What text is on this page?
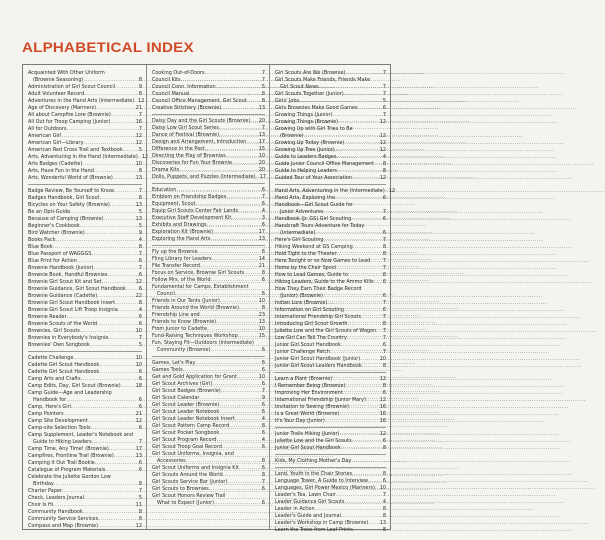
ALPHABETICAL INDEX
Acquainted With Other Uniform
(Brownie Seasoning) .....	8
Administration of Girl Scout Council .....	9
Adult Volunteer Record .....	8
Adventures in the Hand Arts (Intermediate) ..... 12
Age of Discovery (Mariners) .....	21
All about Campfire Lore (Brownie) .....	7
All Out for Troop Camping (Junior) .....	16
All for Outdoors .....	7
American Girl .....	12
American Girl—Library .....	12
American Red Cross Trail and Textbook .....	5
Arts, Adventuring in the Hand (Intermediate) ..... 12
Arts Badges (Cadette) .....	10
Arts, Have Fun in the Hand .....	8
Arts, Wonderful World of (Brownie) .....	13
Badge Review, Be Yourself to Know .....	7
Badges Handbook, Girl Scout .....	8
Bicycles on Your Safety (Brownie) .....	13
Be an Opti-Guide .....	5
Because of Camping (Brownie) .....	13
Beginner's Cookbook .....	5
Bird Watcher (Brownie) .....	9
Books Pack .....	4
Blue Book .....	8
Blue Passport of WAGGGS .....	7
Blue Print for Action .....	6
Brownie Handbook (Junior) .....	7
Brownie Book, Handful Brownies .....	6
Brownie Girl Scout Kit and Set .....	12
Brownie Guidance, Girl Scout Handbook .....	6
Brownie Guidance (Cadette) .....	22
Brownie Girl Scout Handbook Insert .....	8
Brownie Girl Scout Lift Troop Insignia .....	4
Brownie Reader .....	6
Brownie Scouts of the World .....	6
Brownies, Girl Scouts .....	10
Brownies in Everybody's Insignia .....	7
Brownies' Own Songbook .....	5
Cadette Challenge .....	10
Cadette Girl Scout Handbook .....	10
Cadette Girl Scout Handbook .....	6
Camp Arts and Crafts .....	6
Camp Edits, Day, Girl Scout (Brownie) .....	18
Camp Guide—Age and Leadership
Handbook for .....	6
Camp, Here's Girl .....	6
Camp Pointers .....	21
Camp Site Development .....	12
Camp-site Selection Tools .....	6
Camp Supplement, Leader's Notebook and
Guide to Hiking Leaders .....	7
Camp Time, Any Time! (Brownie) .....	17
Campfires, Frontline Trail (Brownie) .....	13
Camping It Out Trail Bookie .....	6
Catalogue of Program Materials .....	6
Celebrate the Juliette Gordon Low
Birthday .....	8
Charter Paper .....	7
Check, Leaders Journal .....	5
Choir Is Hi .....	11
Community Handbook .....	8
Community Service Services .....	8
Compass and Map (Brownie) .....	12
Cooking Out-of-Doors .....	7
Council Kits .....	7
Council Conn. Information .....	5
Council Manual .....	8
Council Office Management, Girl Scout .....	8
Creative Stitchery (Brownie) .....	13
Daisy Day and the Girl Scouts (Brownie) ..... 20
Daisy Low Girl Scout Series .....	7
Dance of Festival (Brownie) .....	13
Design and Arrangement, Introduction .....	17
Difference in the Past .....	15
Directing the Play of Brownies .....	10
Discoveries for Fun Your Brownie .....	20
Drama Kits .....	20
Dolls, Puppets, and Puzzles (Intermediate) ..... 17
Education .....	6
Emblem on Friendship Badges .....	7
Equipment, Scout .....	6
Equip Girl Scouts Center Fair Lands .....	4
Executive Staff Development Kit .....	3
Exhibits and Drawings .....	6
Exploration Kit (Brownie) .....	17
Exploring the Hand Arts .....	13
Fly up the Brownie .....	6
Fling Library for Leaders .....	14
File Transfer Record .....	21
Focus on Service, Brownie Girl Scouts .....	8
Follow Mrs. of the World .....	6
Fundamental for Camps, Establishment
Council .....	6
Friends in Our Tents (Junior) .....	10
Friends Around the World (Brownie) .....	8
Friendship Line and .....	23
Friends to Know (Brownie) .....	13
From Junior to Cadette .....	10
Fund-Raising Techniques Workshop .....	15
Fun, Staying Fit—Outdoors (Intermediate)
Community (Brownie) .....	6
Games, Let's Play .....	6
Games Tools .....	6
Get and Gold Application for Grant .....	10
Girl Scout Archives (Girl) .....	6
Girl Scout Badges (Brownie) .....	7
Girl Scout Calendar .....	9
Girl Scout Leader (Brownie) .....	6
Girl Scout Leader Notebook .....	6
Girl Scout Leader Notebook Insert .....	4
Girl Scout Pattern Camp Record .....	8
Girl Scout Pocket Songbook .....	6
Girl Scout Program Record .....	4
Girl Scout Troop Goal Record .....	6
Girl Scout Uniforms, Insignia, and
Accessories .....	8
Girl Scout Uniforms and Insignia Kit .....	6
Girl Scouts Around the World .....	8
Girl Scouts Service Bar (Junior) .....	7
Girl Scouts to Brownies .....	6
Girl Scout Honors Review Trail
What to Expect (Junior) .....	6
Girl Scouts Are We (Brownie) .....	7
Girl Scouts Make Friends, Friends Make
Girl Scout News .....	7
Girl Scouts Together (Junior) .....	7
Girls' Jobs .....	5
Girls Brownies Make Good Games .....	6
Growing Things (Junior) .....	7
Growing Things (Brownie) .....	12
Growing Up with Girl Tries to Be
(Brownie) .....	12
Growing Up Today (Brownie) .....	12
Growing Up Tree (Junior) .....	12
Guide to Leaders Badges .....	4
Guide Junior Council Office Management ..... 8
Guide to Helping Leaders .....	8
Guided Tour of Your Association .....	12
Hand Arts, Adventuring in the (Intermediate) ..... 12
Hand Arts, Exploring the .....	6
Handbook—Girl Scout Guide for
Junior Adventures .....	7
Handbook (Jr. GS) Girl Scouting .....	6
Handcraft Tours Adventure for Today
(Intermediate) .....	6
Here's Girl Scouting .....	7
Hiking Weekend at GS Camping .....	8
Hold Tight to the Theater .....	8
Here Tonight or so Now Games to Lead .....	7
Home by the Chair Spool .....	7
How to Lead Games, Guide to .....	8
Hiking Leaders, Guide to the Ammo Kills ..... 6
How They Earn Their Badge Record
(Junior) (Brownie) .....	6
Indian Lore (Brownie) .....	7
Information on Girl Scouting .....	6
International Friendship Girl Scouts .....	7
Introducing Girl Scout Growth .....	8
Juliette Low and the Girl Scouts of Wagon ..... 7
Low Girl Can Tell The Country .....	7
Junior Girl Scout Handbook .....	6
Junior Challenge Patch .....	7
Junior Girl Scout Handbook (Junior) .....	10
Junior Girl Scout Leaders Handbook .....	8
Learn a Plant (Brownie) .....	12
I Remember Being (Brownie) .....	8
Improving Her Environment .....	6
International Friendship (Junior Mary) .....	12
Invitation to Sewing (Brownie) .....	16
Is a Great World (Brownie) .....	16
It's Your Day (Junior) .....	16
Junior Trails Hiking (Junior) .....	12
Juliette Low and the Girl Scouts .....	6
Junior Girl Scout Handbook .....	8
Kids, My Clothing Mother's Day
.....
Land, Youth in the Chair Stories .....	8
Language Tower, A Guide to Interview .....	6
Languages, Girl Power Mexico (Mariners) ..... 10
Leader's Tea, Lawn Chair .....	7
Leader Guidance Girl Scouts .....	4
Leader in Action .....	8
Leader's Guide and Journal .....	8
Leader's Workshop in Camp (Brownie) ..... 13
Learn the Trees from Leaf Prints .....	8
